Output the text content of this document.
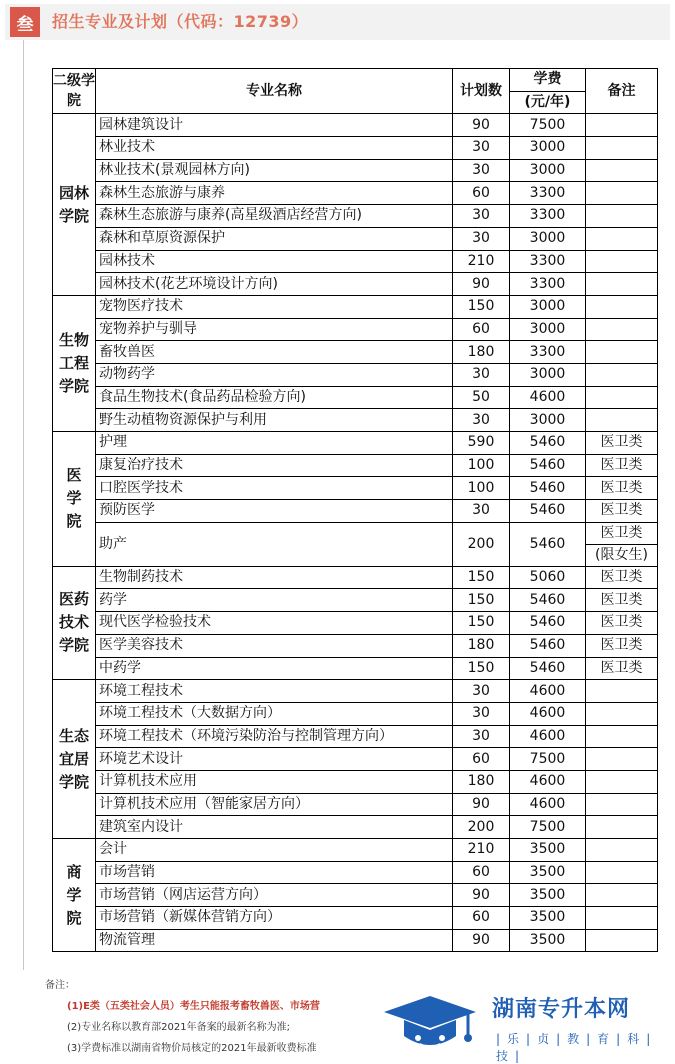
叁	招生专业及计划（代码：12739）
二级学院	专业名称	计划数	学费	备注
			(元/年)	
园林学院	园林建筑设计	90	7500	
	林业技术	30	3000	
	林业技术(景观园林方向)	30	3000	
	森林生态旅游与康养	60	3300	
	森林生态旅游与康养(高星级酒店经营方向)	30	3300	
	森林和草原资源保护	30	3000	
	园林技术	210	3300	
	园林技术(花艺环境设计方向)	90	3300	
生物工程学院	宠物医疗技术	150	3000	
	宠物养护与驯导	60	3000	
	畜牧兽医	180	3300	
	动物药学	30	3000	
	食品生物技术(食品药品检验方向)	50	4600	
	野生动植物资源保护与利用	30	3000	
医学院	护理	590	5460	医卫类
	康复治疗技术	100	5460	医卫类
	口腔医学技术	100	5460	医卫类
	预防医学	30	5460	医卫类
	助产	200	5460	医卫类
(限女生)

医药技术学院	生物制药技术	150	5060	医卫类
	药学	150	5460	医卫类
	现代医学检验技术	150	5460	医卫类
	医学美容技术	180	5460	医卫类
	中药学	150	5460	医卫类
生态宜居学院	环境工程技术	30	4600	
	环境工程技术（大数据方向）	30	4600	
	环境工程技术（环境污染防治与控制管理方向）	30	4600	
	环境艺术设计	60	7500	
	计算机技术应用	180	4600	
	计算机技术应用（智能家居方向）	90	4600	
	建筑室内设计	200	7500	
商学院	会计	210	3500	
	市场营销	60	3500	
	市场营销（网店运营方向）	90	3500	
	市场营销（新媒体营销方向）	60	3500	
	物流管理	90	3500	
备注：
(1)E类（五类社会人员）考生只能报考畜牧兽医、市场营
(2)专业名称以教育部2021年备案的最新名称为准;
(3)学费标准以湖南省物价局核定的2021年最新收费标准
湖南专升本网
|乐|贞|教|育|科|技|
